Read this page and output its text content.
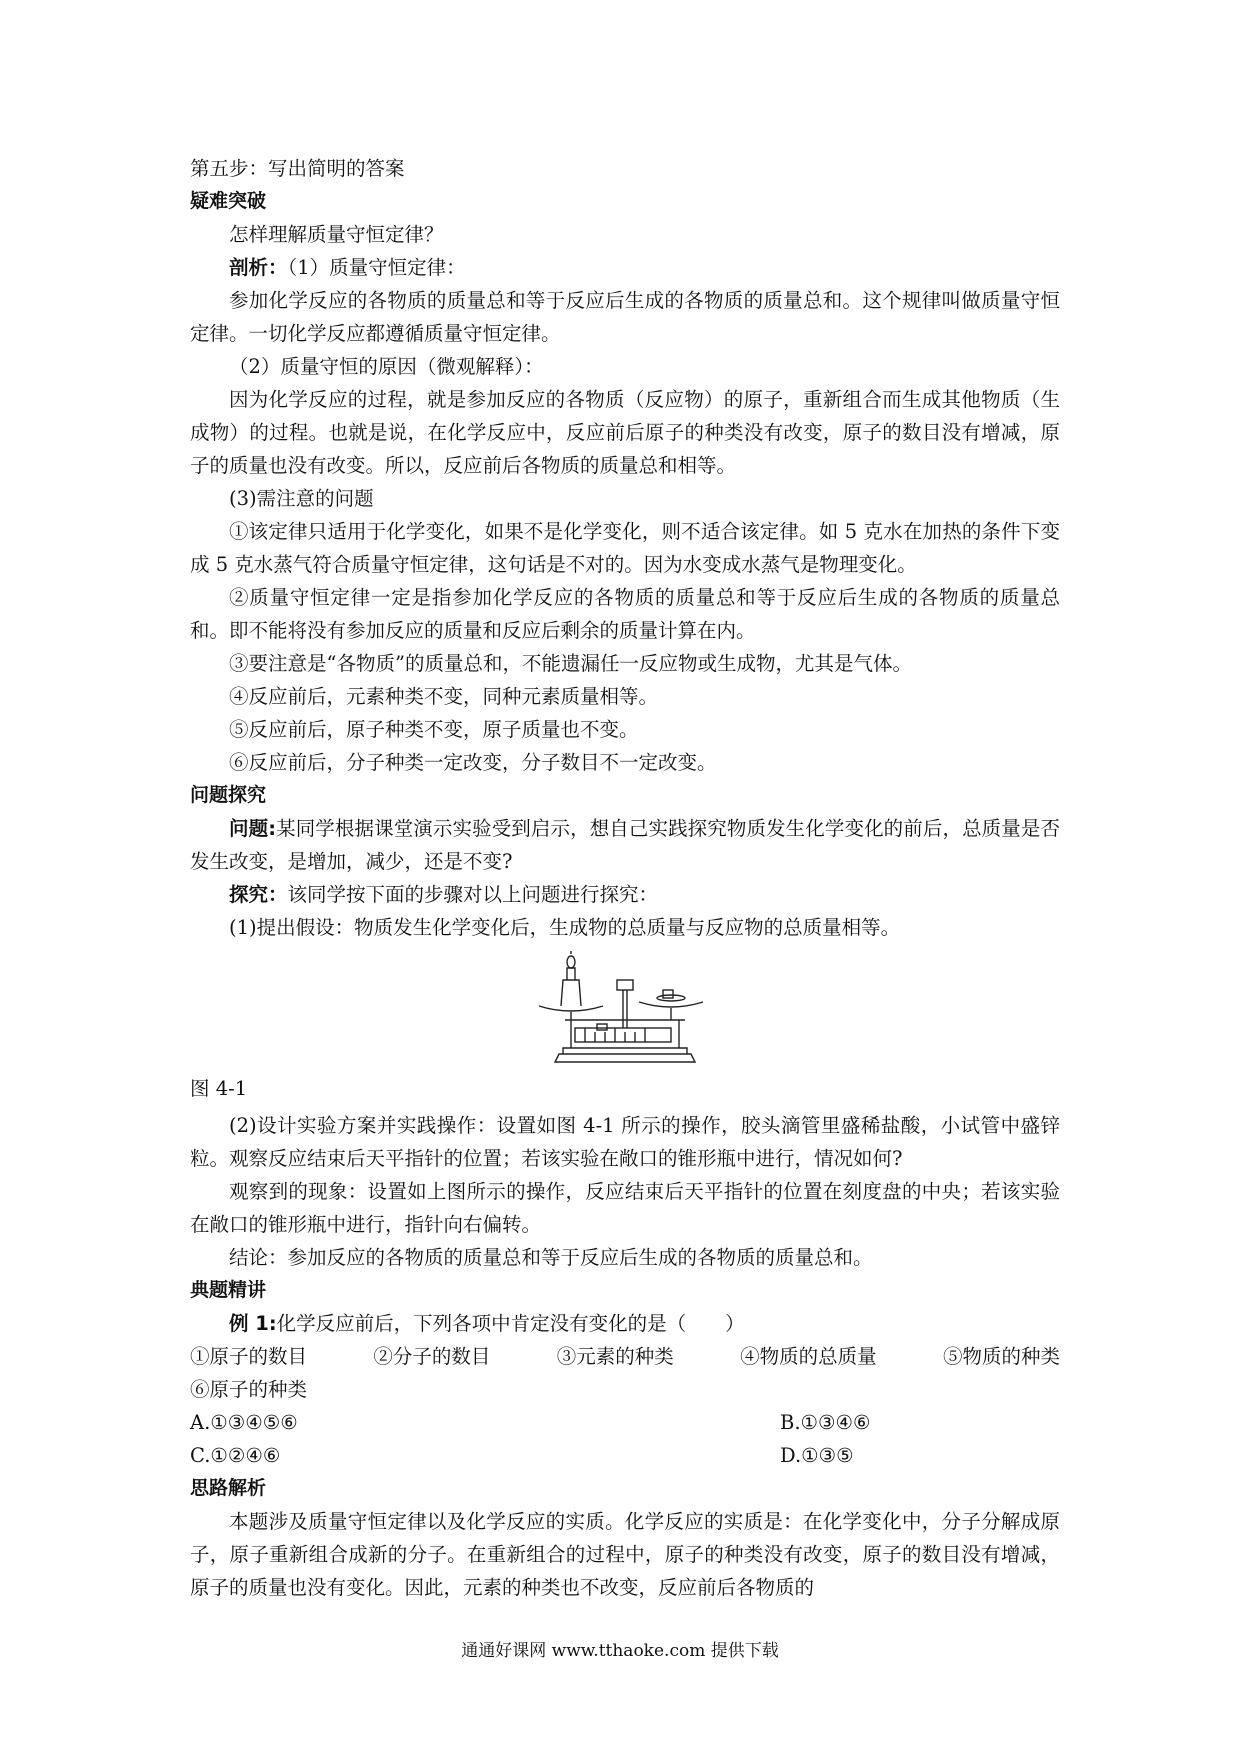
第五步：写出简明的答案

疑难突破

怎样理解质量守恒定律？

剖析：（1）质量守恒定律：

参加化学反应的各物质的质量总和等于反应后生成的各物质的质量总和。这个规律叫做质量守恒定律。一切化学反应都遵循质量守恒定律。

（2）质量守恒的原因（微观解释）：

因为化学反应的过程，就是参加反应的各物质（反应物）的原子，重新组合而生成其他物质（生成物）的过程。也就是说，在化学反应中，反应前后原子的种类没有改变，原子的数目没有增减，原子的质量也没有改变。所以，反应前后各物质的质量总和相等。

(3)需注意的问题

①该定律只适用于化学变化，如果不是化学变化，则不适合该定律。如 5 克水在加热的条件下变成 5 克水蒸气符合质量守恒定律，这句话是不对的。因为水变成水蒸气是物理变化。

②质量守恒定律一定是指参加化学反应的各物质的质量总和等于反应后生成的各物质的质量总和。即不能将没有参加反应的质量和反应后剩余的质量计算在内。

③要注意是“各物质”的质量总和，不能遗漏任一反应物或生成物，尤其是气体。

④反应前后，元素种类不变，同种元素质量相等。

⑤反应前后，原子种类不变，原子质量也不变。

⑥反应前后，分子种类一定改变，分子数目不一定改变。

问题探究

问题:某同学根据课堂演示实验受到启示，想自己实践探究物质发生化学变化的前后，总质量是否发生改变，是增加，减少，还是不变?

探究：该同学按下面的步骤对以上问题进行探究：

(1)提出假设：物质发生化学变化后，生成物的总质量与反应物的总质量相等。

图 4-1

(2)设计实验方案并实践操作：设置如图 4-1 所示的操作，胶头滴管里盛稀盐酸，小试管中盛锌粒。观察反应结束后天平指针的位置；若该实验在敞口的锥形瓶中进行，情况如何?

观察到的现象：设置如上图所示的操作，反应结束后天平指针的位置在刻度盘的中央；若该实验在敞口的锥形瓶中进行，指针向右偏转。

结论：参加反应的各物质的质量总和等于反应后生成的各物质的质量总和。

典题精讲

例 1:化学反应前后，下列各项中肯定没有变化的是（　　）

①原子的数目	②分子的数目	③元素的种类	④物质的总质量	⑤物质的种类

⑥原子的种类

A.①③④⑤⑥	B.①③④⑥
C.①②④⑥	D.①③⑤

思路解析

本题涉及质量守恒定律以及化学反应的实质。化学反应的实质是：在化学变化中，分子分解成原子，原子重新组合成新的分子。在重新组合的过程中，原子的种类没有改变，原子的数目没有增减，原子的质量也没有变化。因此，元素的种类也不改变，反应前后各物质的

通通好课网 www.tthaoke.com 提供下载
